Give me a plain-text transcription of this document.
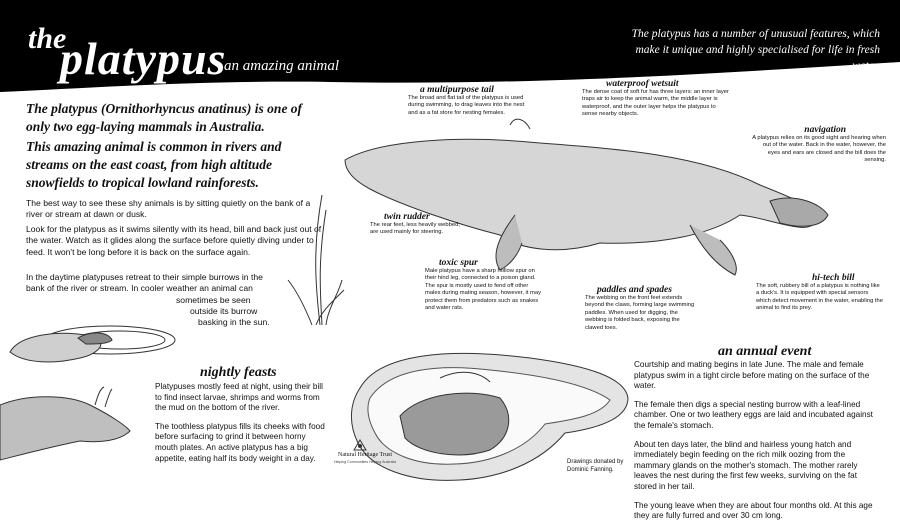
the
platypus
an amazing animal
The platypus has a number of unusual features, which make it unique and highly specialised for life in fresh water.
The platypus (Ornithorhyncus anatinus) is one of only two egg-laying mammals in Australia.
This amazing animal is common in rivers and streams on the east coast, from high altitude snowfields to tropical lowland rainforests.
The best way to see these shy animals is by sitting quietly on the bank of a river or stream at dawn or dusk.
Look for the platypus as it swims silently with its head, bill and back just out of the water. Watch as it glides along the surface before quietly diving under to feed. It won't be long before it is back on the surface again.
In the daytime platypuses retreat to their simple burrows in the bank of the river or stream. In cooler weather an animal can
sometimes be seen
outside its burrow
basking in the sun.
a multipurpose tail
The broad and flat tail of the platypus is used during swimming, to drag leaves into the nest and as a fat store for nesting females.
waterproof wetsuit
The dense coat of soft fur has three layers: an inner layer traps air to keep the animal warm, the middle layer is waterproof, and the outer layer helps the platypus to sense nearby objects.
navigation
A platypus relies on its good sight and hearing when out of the water. Back in the water, however, the eyes and ears are closed and the bill does the sensing.
twin rudder
The rear feet, less heavily webbed, are used mainly for steering.
toxic spur
Male platypus have a sharp hollow spur on their hind leg, connected to a poison gland. The spur is mostly used to fend off other males during mating season, however, it may protect them from predators such as snakes and water rats.
paddles and spades
The webbing on the front feet extends beyond the claws, forming large swimming paddles. When used for digging, the webbing is folded back, exposing the clawed toes.
hi-tech bill
The soft, rubbery bill of a platypus is nothing like a duck's. It is equipped with special sensors which detect movement in the water, enabling the animal to find its prey.
nightly feasts

Platypuses mostly feed at night, using their bill to find insect larvae, shrimps and worms from the mud on the bottom of the river.

The toothless platypus fills its cheeks with food before surfacing to grind it between horny mouth plates. An active platypus has a big appetite, eating half its body weight in a day.	Natural Heritage Trust
Helping Communities Helping Australia	Drawings donated by
Dominic Fanning.
an annual event

Courtship and mating begins in late June. The male and female platypus swim in a tight circle before mating on the surface of the water.

The female then digs a special nesting burrow with a leaf-lined chamber. One or two leathery eggs are laid and incubated against the female's stomach.

About ten days later, the blind and hairless young hatch and immediately begin feeding on the rich milk oozing from the mammary glands on the mother's stomach. The mother rarely leaves the nest during the first few weeks, surviving on the fat stored in her tail.

The young leave when they are about four months old. At this age they are fully furred and over 30 cm long.
